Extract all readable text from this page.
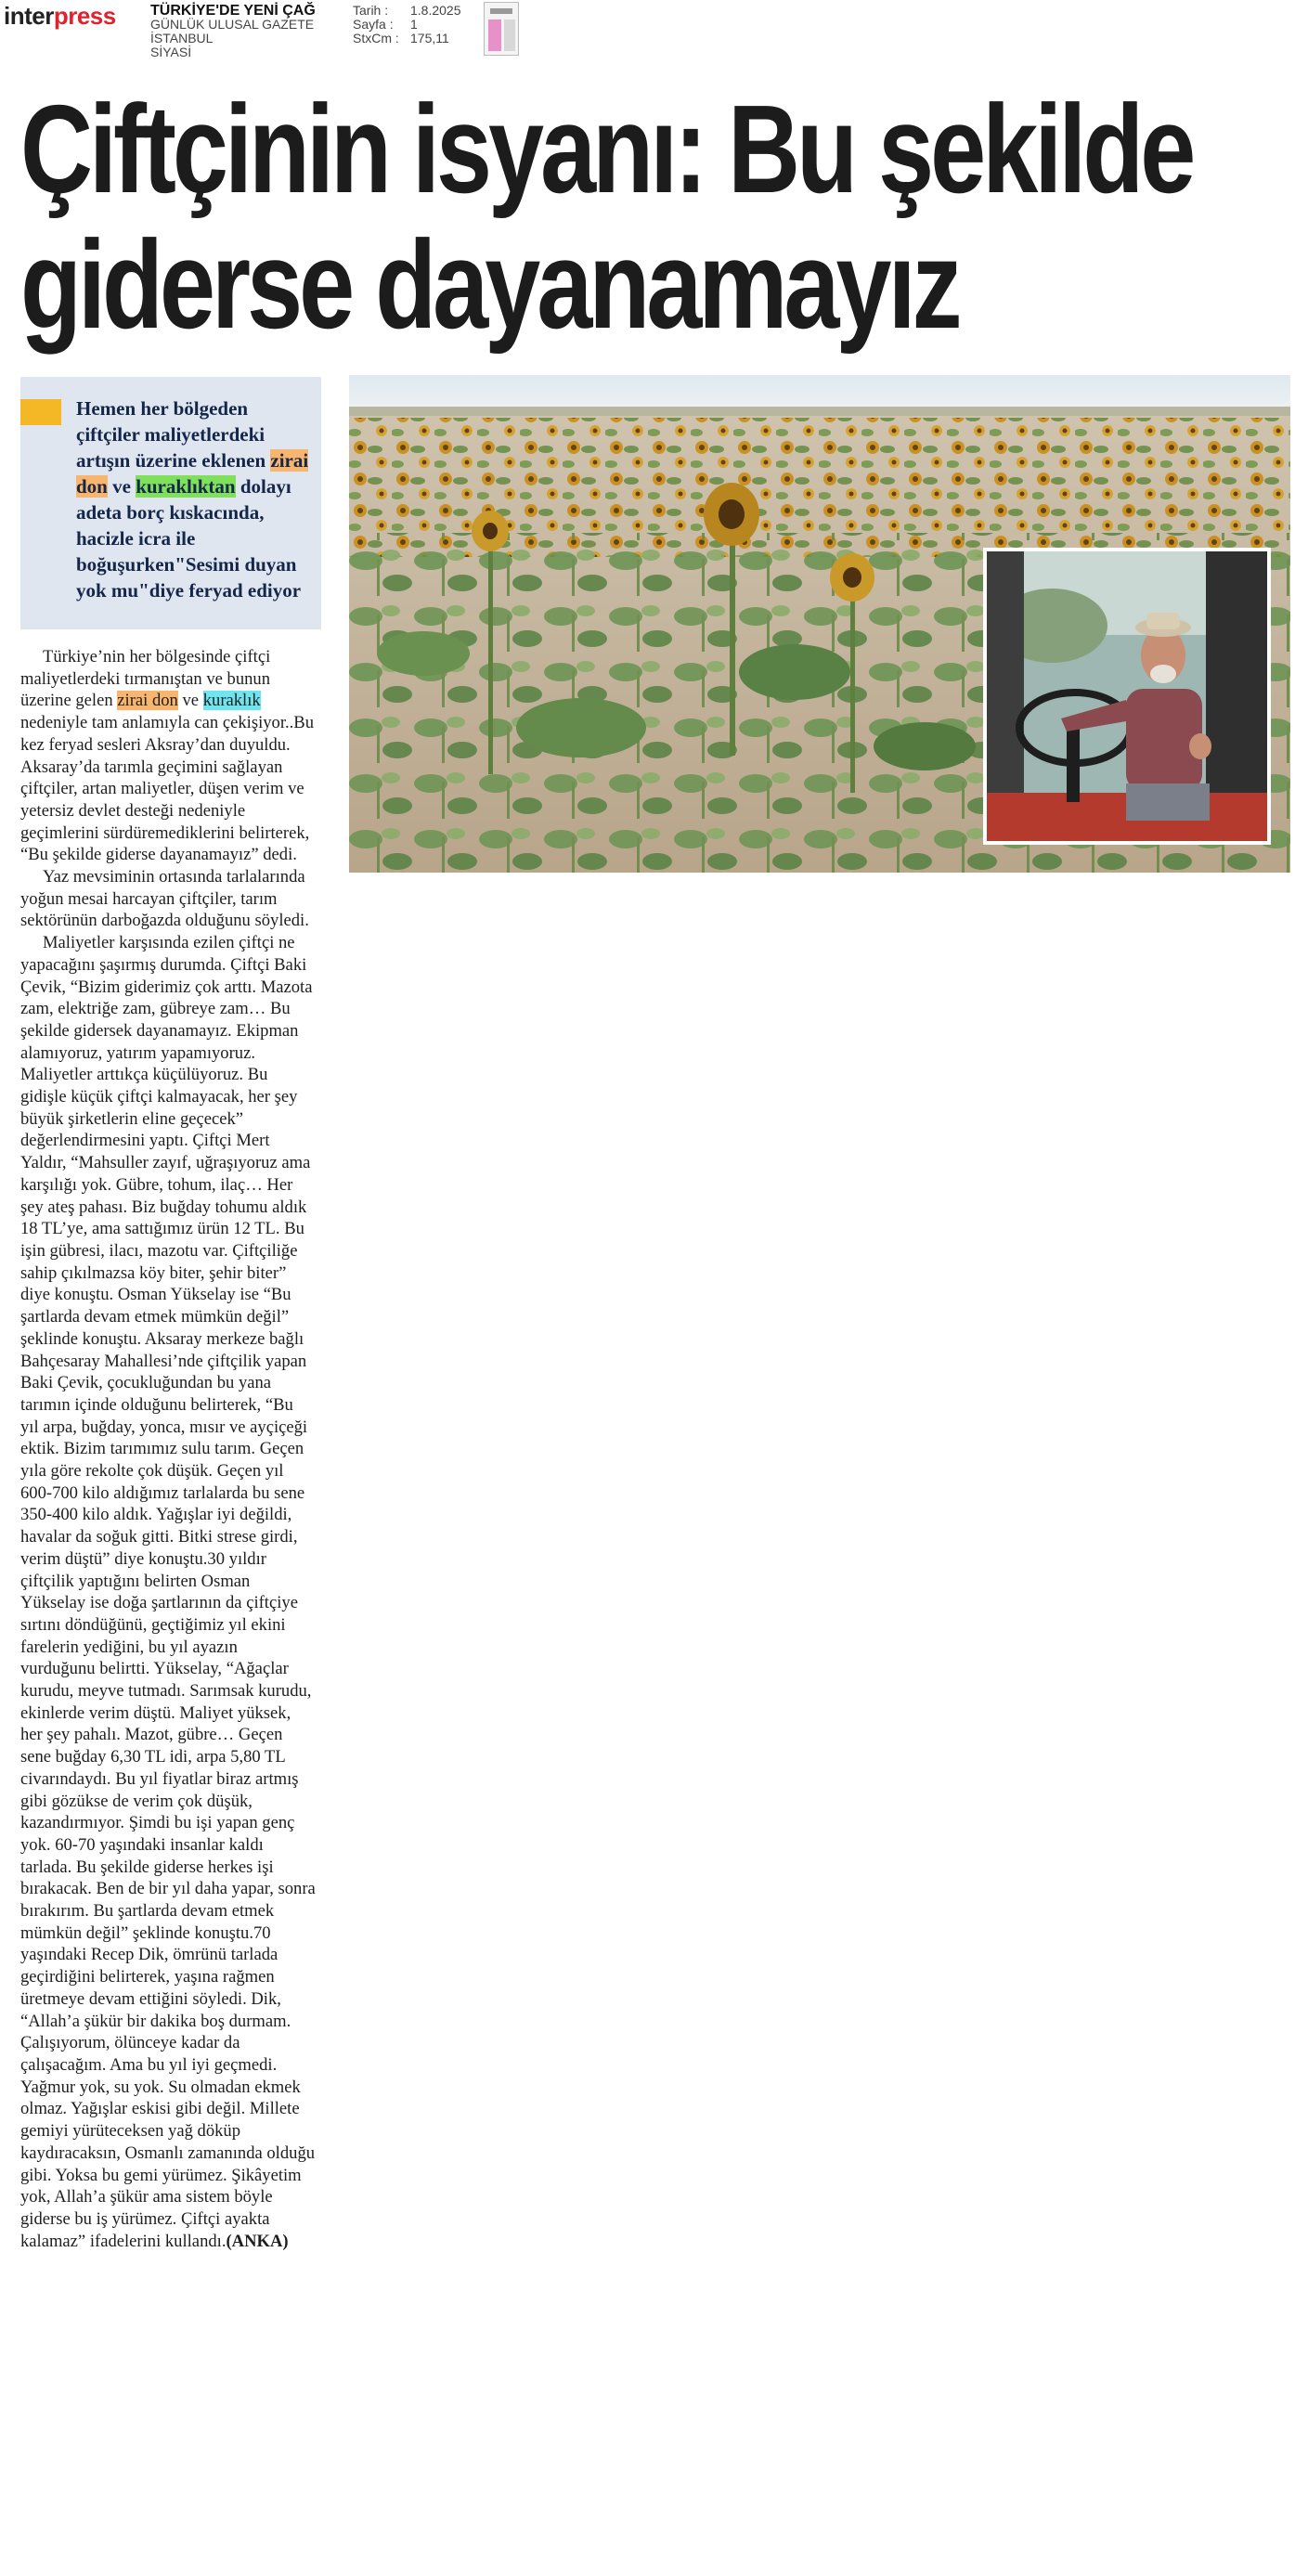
interpress TÜRKİYE'DE YENİ ÇAĞ
GÜNLÜK ULUSAL GAZETE
İSTANBUL
SİYASİ
Tarih :	1.8.2025
Sayfa :	1
StxCm : 175,11
Çiftçinin isyanı: Bu şekilde
giderse dayanamayız
Hemen her bölgeden çiftçiler maliyetlerdeki artışın üzerine eklenen zirai don ve kuraklıktan dolayı adeta borç kıskacında, hacizle icra ile boğuşurken"Sesimi duyan yok mu"diye feryad ediyor

Türkiye’nin her bölgesinde çiftçi maliyetlerdeki tırmanıştan ve bunun üzerine gelen zirai don ve kuraklık nedeniyle tam anlamıyla can çekişiyor..Bu kez feryad sesleri Aksray’dan duyuldu. Aksaray’da tarımla geçimini sağlayan çiftçiler, artan maliyetler, düşen verim ve yetersiz devlet desteği nedeniyle geçimlerini sürdüremediklerini belirterek, “Bu şekilde giderse dayanamayız” dedi.

Yaz mevsiminin ortasında tarlalarında yoğun mesai harcayan çiftçiler, tarım sektörünün darboğazda olduğunu söyledi.

Maliyetler karşısında ezilen çiftçi ne yapacağını şaşırmış durumda. Çiftçi Baki Çevik, “Bizim giderimiz çok arttı. Mazota zam, elektriğe zam, gübreye zam… Bu şekilde gidersek dayanamayız. Ekipman alamıyoruz, yatırım yapamıyoruz. Maliyetler arttıkça küçülüyoruz. Bu gidişle küçük çiftçi kalmayacak, her şey büyük şirketlerin eline geçecek” değerlendirmesini yaptı. Çiftçi Mert Yaldır, “Mahsuller zayıf, uğraşıyoruz ama karşılığı yok. Gübre, tohum, ilaç… Her şey ateş pahası. Biz buğday tohumu aldık 18 TL’ye, ama sattığımız ürün 12 TL. Bu işin gübresi, ilacı, mazotu var. Çiftçiliğe sahip çıkılmazsa köy biter, şehir biter” diye konuştu. Osman Yükselay ise “Bu şartlarda devam etmek mümkün değil” şeklinde konuştu. Aksaray merkeze bağlı Bahçesaray Mahallesi’nde çiftçilik yapan Baki Çevik, çocukluğundan bu yana tarımın içinde olduğunu belirterek, “Bu yıl arpa, buğday, yonca, mısır ve ayçiçeği ektik. Bizim tarımımız sulu tarım. Geçen yıla göre rekolte çok düşük. Geçen yıl 600-700 kilo aldığımız tarlalarda bu sene 350-400 kilo aldık. Yağışlar iyi değildi, havalar da soğuk gitti. Bitki strese girdi, verim düştü” diye konuştu.30 yıldır çiftçilik yaptığını belirten Osman Yükselay ise doğa şartlarının da çiftçiye sırtını döndüğünü, geçtiğimiz yıl ekini farelerin yediğini, bu yıl ayazın vurduğunu belirtti. Yükselay, “Ağaçlar kurudu, meyve tutmadı. Sarımsak kurudu, ekinlerde verim düştü. Maliyet yüksek, her şey pahalı. Mazot, gübre… Geçen sene buğday 6,30 TL idi, arpa 5,80 TL civarındaydı. Bu yıl fiyatlar biraz artmış gibi gözükse de verim çok düşük, kazandırmıyor. Şimdi bu işi yapan genç yok. 60-70 yaşındaki insanlar kaldı tarlada. Bu şekilde giderse herkes işi bırakacak. Ben de bir yıl daha yapar, sonra bırakırım. Bu şartlarda devam etmek mümkün değil” şeklinde konuştu.70 yaşındaki Recep Dik, ömrünü tarlada geçirdiğini belirterek, yaşına rağmen üretmeye devam ettiğini söyledi. Dik, “Allah’a şükür bir dakika boş durmam. Çalışıyorum, ölünceye kadar da çalışacağım. Ama bu yıl iyi geçmedi. Yağmur yok, su yok. Su olmadan ekmek olmaz. Yağışlar eskisi gibi değil. Millete gemiyi yürüteceksen yağ döküp kaydıracaksın, Osmanlı zamanında olduğu gibi. Yoksa bu gemi yürümez. Şikâyetim yok, Allah’a şükür ama sistem böyle giderse bu iş yürümez. Çiftçi ayakta kalamaz” ifadelerini kullandı.(ANKA)
